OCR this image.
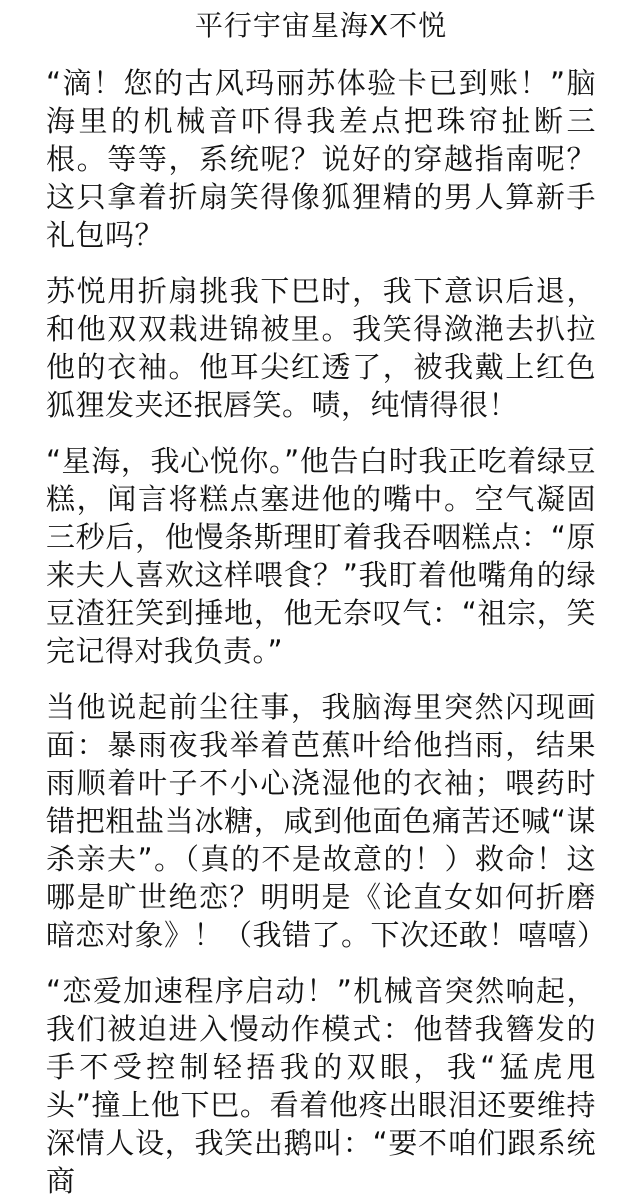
平行宇宙星海X不悦

“滴！您的古风玛丽苏体验卡已到账！”脑海里的机械音吓得我差点把珠帘扯断三根。等等，系统呢？说好的穿越指南呢？这只拿着折扇笑得像狐狸精的男人算新手礼包吗？

苏悦用折扇挑我下巴时，我下意识后退，和他双双栽进锦被里。我笑得潋滟去扒拉他的衣袖。他耳尖红透了，被我戴上红色狐狸发夹还抿唇笑。啧，纯情得很！

“星海，我心悦你。”他告白时我正吃着绿豆糕，闻言将糕点塞进他的嘴中。空气凝固三秒后，他慢条斯理盯着我吞咽糕点：“原来夫人喜欢这样喂食？”我盯着他嘴角的绿豆渣狂笑到捶地，他无奈叹气：“祖宗，笑完记得对我负责。”

当他说起前尘往事，我脑海里突然闪现画面：暴雨夜我举着芭蕉叶给他挡雨，结果雨顺着叶子不小心浇湿他的衣袖；喂药时错把粗盐当冰糖，咸到他面色痛苦还喊“谋杀亲夫”。（真的不是故意的！）救命！这哪是旷世绝恋？明明是《论直女如何折磨暗恋对象》！（我错了。下次还敢！嘻嘻）

“恋爱加速程序启动！”机械音突然响起，我们被迫进入慢动作模式：他替我簪发的手不受控制轻捂我的双眼，我“猛虎甩头”撞上他下巴。看着他疼出眼泪还要维持深情人设，我笑出鹅叫：“要不咱们跟系统商
